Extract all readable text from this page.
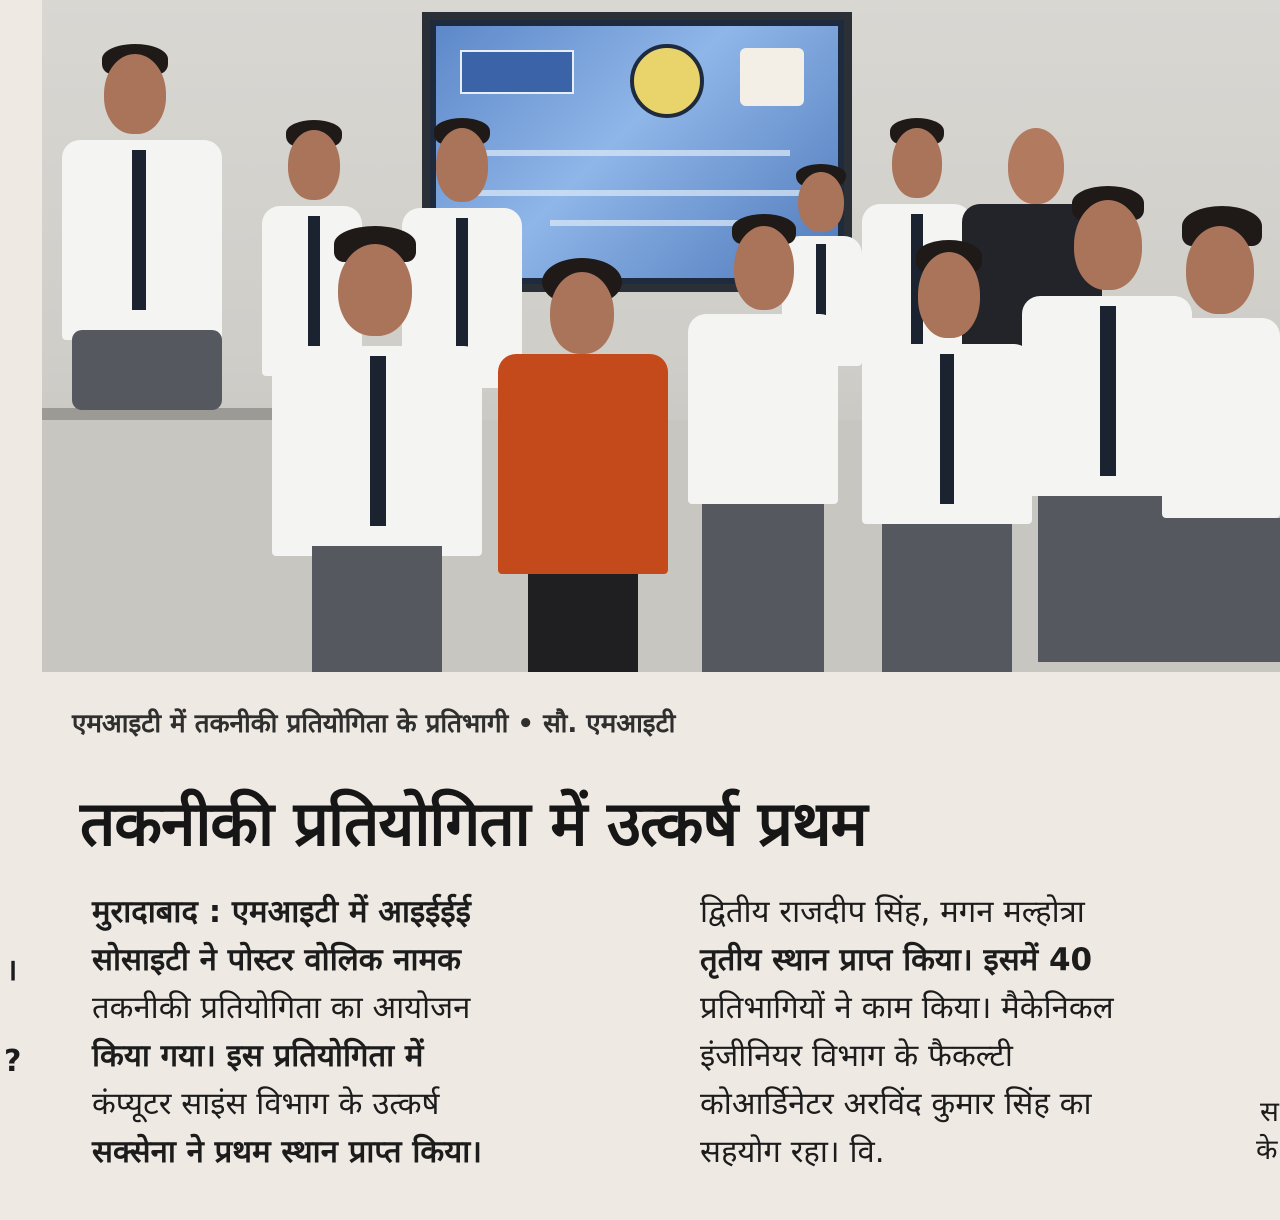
एमआइटी में तकनीकी प्रतियोगिता के प्रतिभागी • सौ. एमआइटी
तकनीकी प्रतियोगिता में उत्कर्ष प्रथम

मुरादाबाद : एमआइटी में आइईईई

सोसाइटी ने पोस्टर वोलिक नामक

तकनीकी प्रतियोगिता का आयोजन

किया गया। इस प्रतियोगिता में

कंप्यूटर साइंस विभाग के उत्कर्ष

सक्सेना ने प्रथम स्थान प्राप्त किया।

द्वितीय राजदीप सिंह, मगन मल्होत्रा

तृतीय स्थान प्राप्त किया। इसमें 40

प्रतिभागियों ने काम किया। मैकेनिकल

इंजीनियर विभाग के फैकल्टी

कोआर्डिनेटर अरविंद कुमार सिंह का

सहयोग रहा। वि.

।
?
स
के
